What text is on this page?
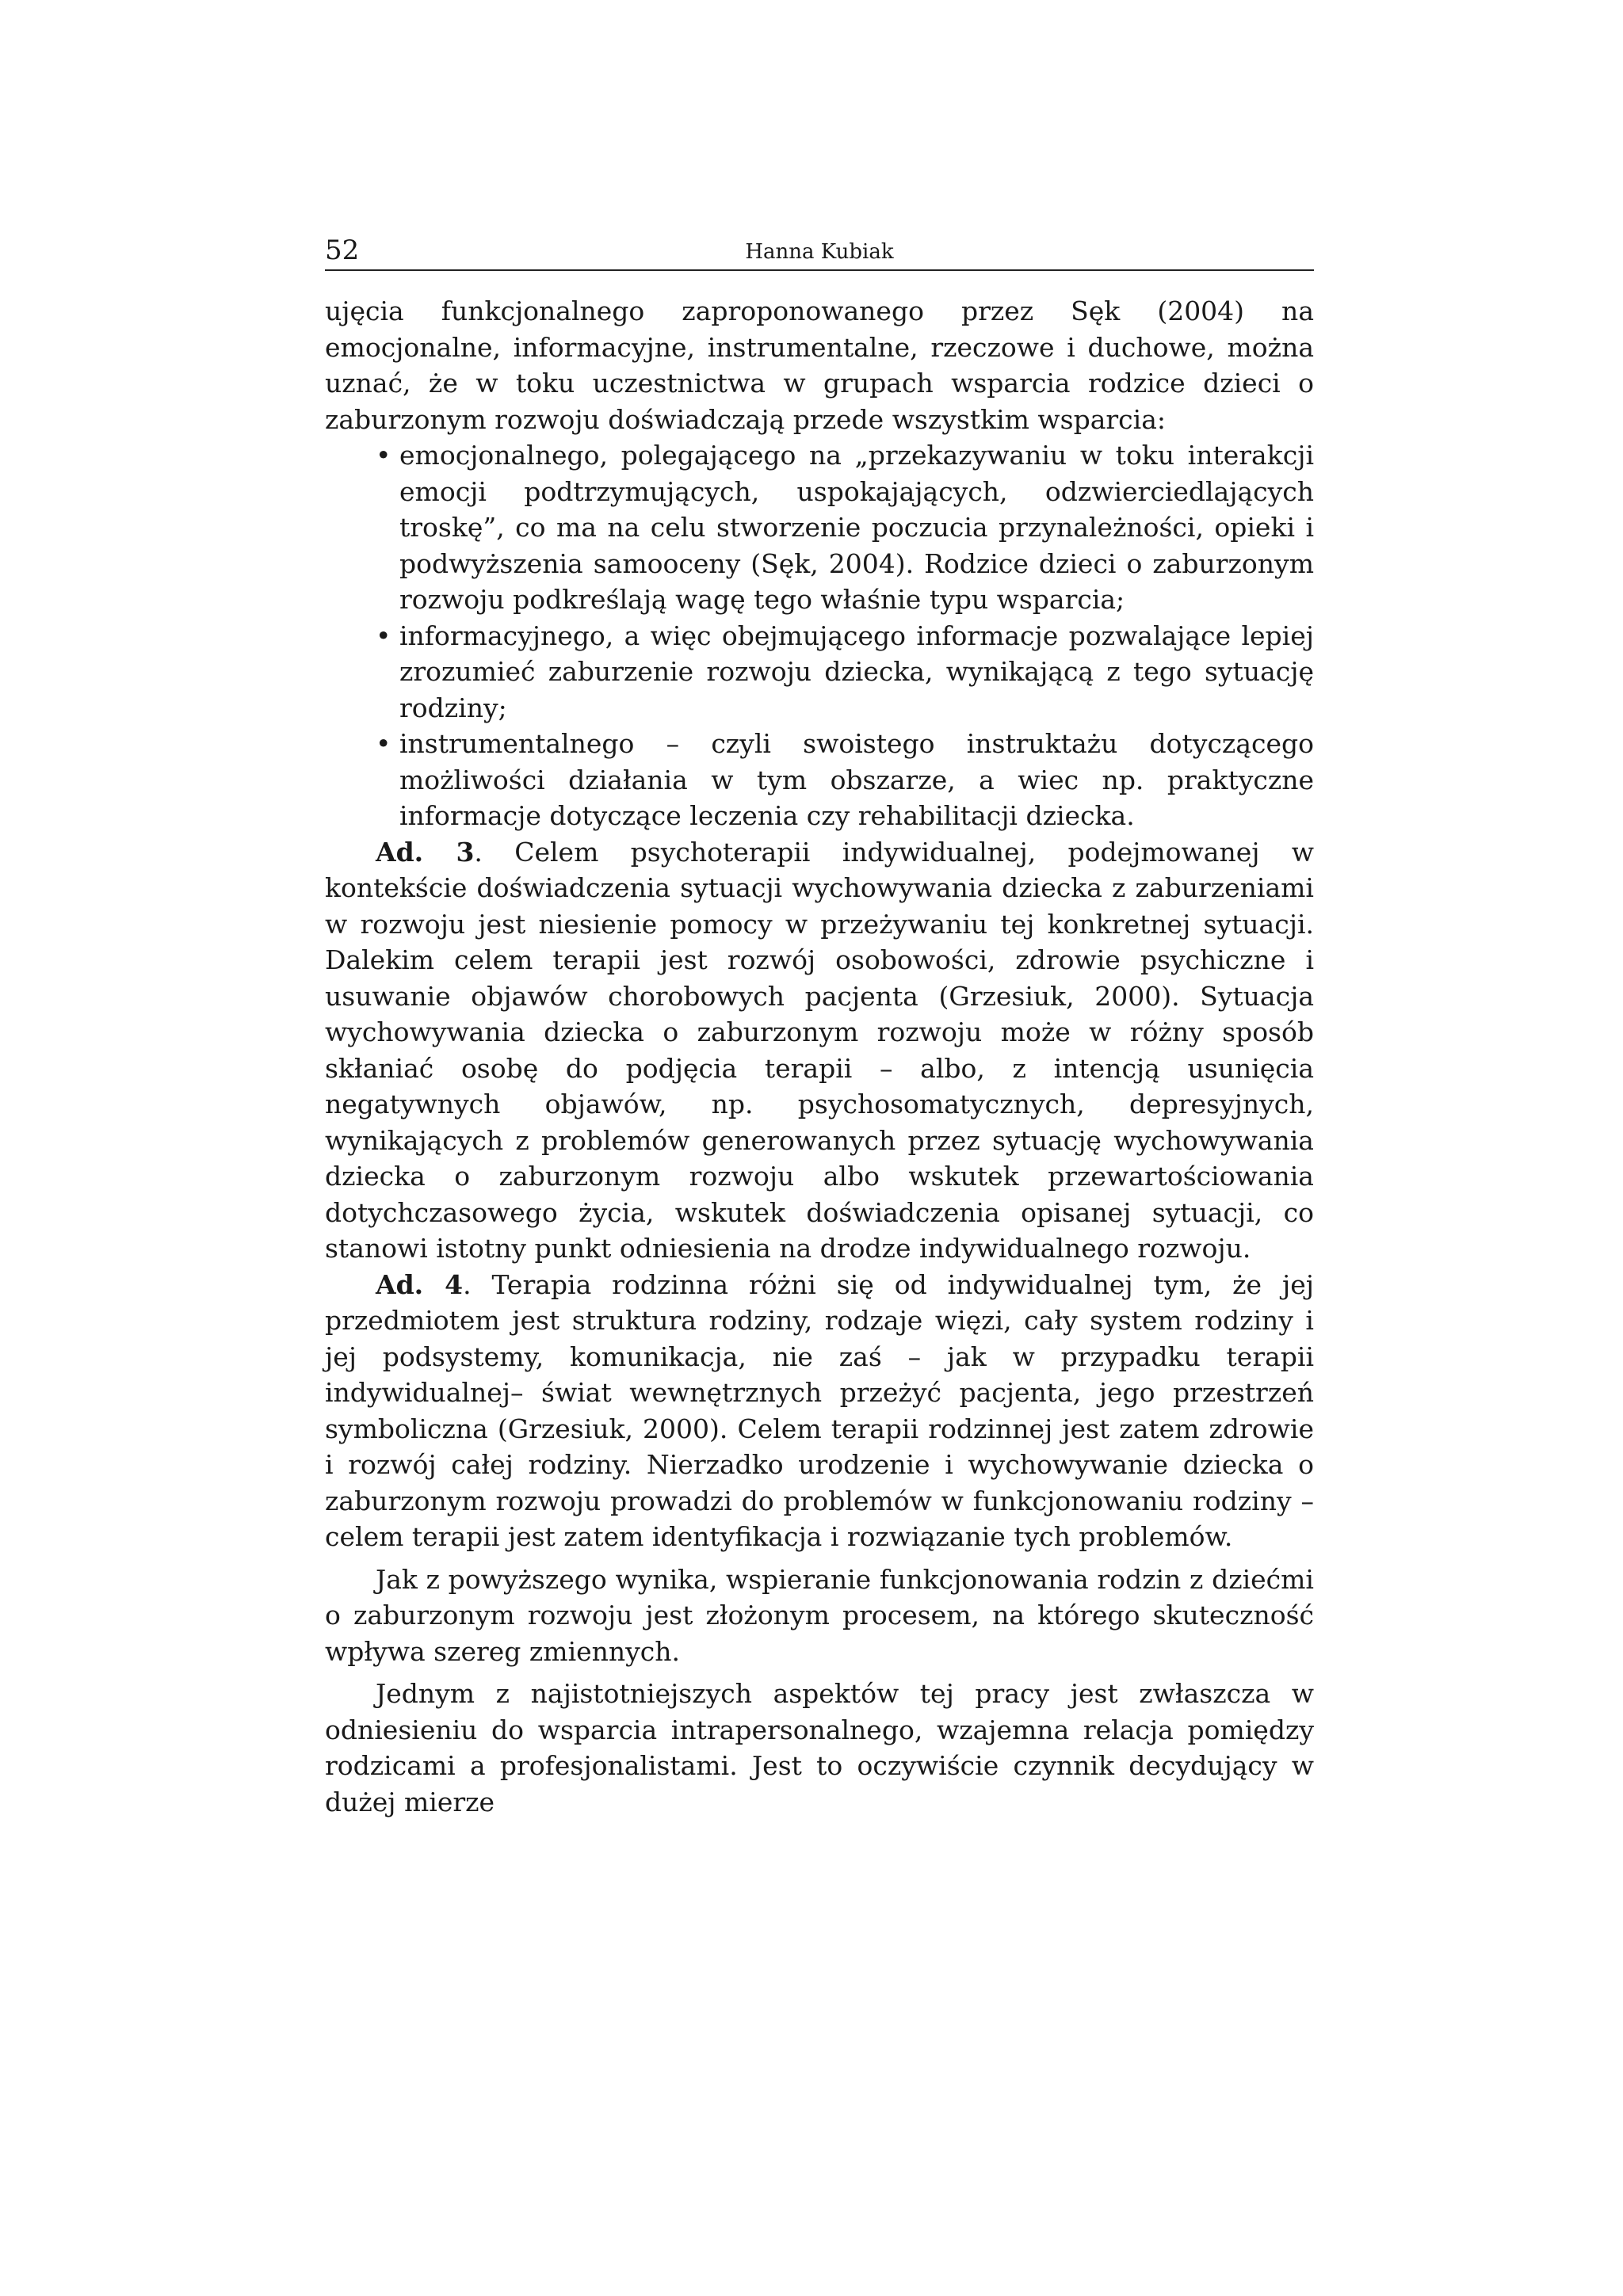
52	Hanna Kubiak

ujęcia funkcjonalnego zaproponowanego przez Sęk (2004) na emocjonalne, informacyjne, instrumentalne, rzeczowe i duchowe, można uznać, że w toku uczestnictwa w grupach wsparcia rodzice dzieci o zaburzonym rozwoju doświadczają przede wszystkim wsparcia:

• emocjonalnego, polegającego na „przekazywaniu w toku interakcji emocji podtrzymujących, uspokajających, odzwierciedlających troskę”, co ma na celu stworzenie poczucia przynależności, opieki i podwyższenia samooceny (Sęk, 2004). Rodzice dzieci o zaburzonym rozwoju podkreślają wagę tego właśnie typu wsparcia;
• informacyjnego, a więc obejmującego informacje pozwalające lepiej zrozumieć zaburzenie rozwoju dziecka, wynikającą z tego sytuację rodziny;
• instrumentalnego – czyli swoistego instruktażu dotyczącego możliwości działania w tym obszarze, a wiec np. praktyczne informacje dotyczące leczenia czy rehabilitacji dziecka.

Ad. 3. Celem psychoterapii indywidualnej, podejmowanej w kontekście doświadczenia sytuacji wychowywania dziecka z zaburzeniami w rozwoju jest niesienie pomocy w przeżywaniu tej konkretnej sytuacji. Dalekim celem terapii jest rozwój osobowości, zdrowie psychiczne i usuwanie objawów chorobowych pacjenta (Grzesiuk, 2000). Sytuacja wychowywania dziecka o zaburzonym rozwoju może w różny sposób skłaniać osobę do podjęcia terapii – albo, z intencją usunięcia negatywnych objawów, np. psychosomatycznych, depresyjnych, wynikających z problemów generowanych przez sytuację wychowywania dziecka o zaburzonym rozwoju albo wskutek przewartościowania dotychczasowego życia, wskutek doświadczenia opisanej sytuacji, co stanowi istotny punkt odniesienia na drodze indywidualnego rozwoju.

Ad. 4. Terapia rodzinna różni się od indywidualnej tym, że jej przedmiotem jest struktura rodziny, rodzaje więzi, cały system rodziny i jej podsystemy, komunikacja, nie zaś – jak w przypadku terapii indywidualnej– świat wewnętrznych przeżyć pacjenta, jego przestrzeń symboliczna (Grzesiuk, 2000). Celem terapii rodzinnej jest zatem zdrowie i rozwój całej rodziny. Nierzadko urodzenie i wychowywanie dziecka o zaburzonym rozwoju prowadzi do problemów w funkcjonowaniu rodziny – celem terapii jest zatem identyfikacja i rozwiązanie tych problemów.

Jak z powyższego wynika, wspieranie funkcjonowania rodzin z dziećmi o zaburzonym rozwoju jest złożonym procesem, na którego skuteczność wpływa szereg zmiennych.

Jednym z najistotniejszych aspektów tej pracy jest zwłaszcza w odniesieniu do wsparcia intrapersonalnego, wzajemna relacja pomiędzy rodzicami a profesjonalistami. Jest to oczywiście czynnik decydujący w dużej mierze
